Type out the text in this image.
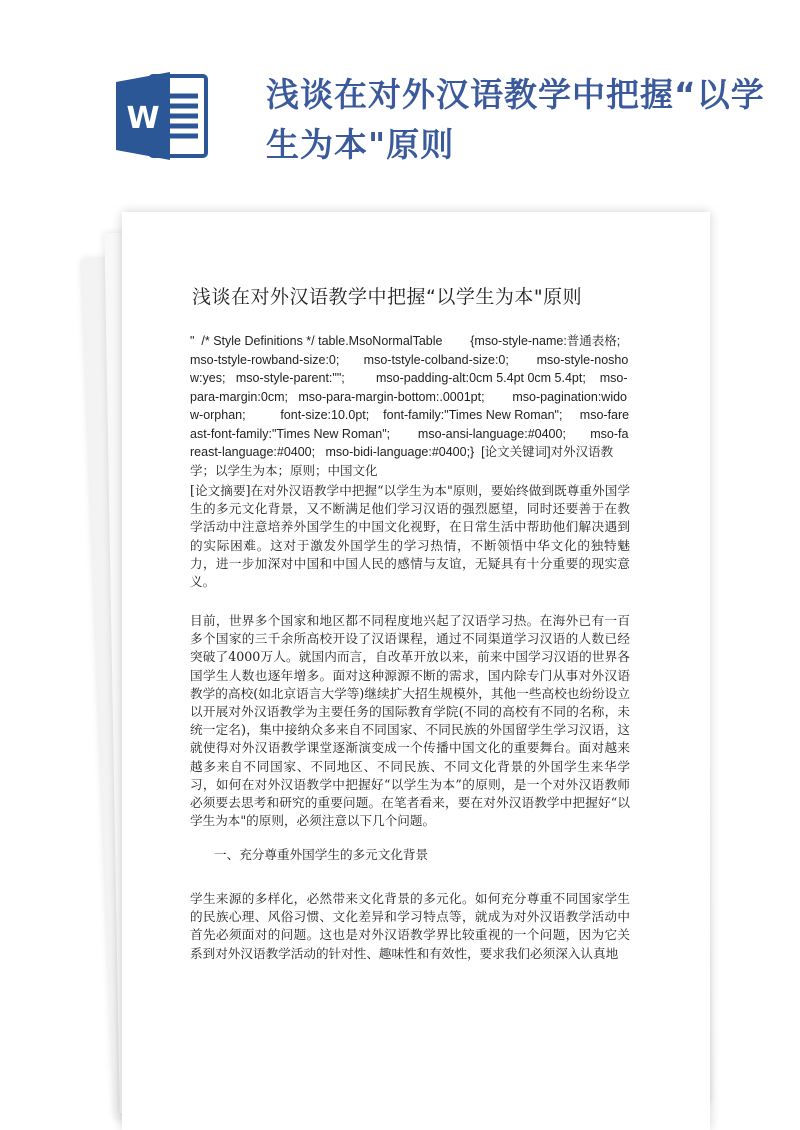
W
浅谈在对外汉语教学中把握“以学生为本"原则
浅谈在对外汉语教学中把握“以学生为本"原则
"  /* Style Definitions */ table.MsoNormalTable        {mso-style-name:普通表格;    mso-tstyle-rowband-size:0;       mso-tstyle-colband-size:0;        mso-style-noshow:yes;   mso-style-parent:"";         mso-padding-alt:0cm 5.4pt 0cm 5.4pt;    mso-para-margin:0cm;   mso-para-margin-bottom:.0001pt;        mso-pagination:widow-orphan;          font-size:10.0pt;    font-family:"Times New Roman";     mso-fareast-font-family:"Times New Roman";        mso-ansi-language:#0400;       mso-fareast-language:#0400;   mso-bidi-language:#0400;}  [论文关键词]对外汉语教学；以学生为本；原则；中国文化
[论文摘要]在对外汉语教学中把握“以学生为本"原则，要始终做到既尊重外国学生的多元文化背景，又不断满足他们学习汉语的强烈愿望，同时还要善于在教学活动中注意培养外国学生的中国文化视野，在日常生活中帮助他们解决遇到的实际困难。这对于激发外国学生的学习热情，不断领悟中华文化的独特魅力，进一步加深对中国和中国人民的感情与友谊，无疑具有十分重要的现实意义。
目前，世界多个国家和地区都不同程度地兴起了汉语学习热。在海外已有一百多个国家的三千余所高校开设了汉语课程，通过不同渠道学习汉语的人数已经突破了4000万人。就国内而言，自改革开放以来，前来中国学习汉语的世界各国学生人数也逐年增多。面对这种源源不断的需求，国内除专门从事对外汉语教学的高校(如北京语言大学等)继续扩大招生规模外，其他一些高校也纷纷设立以开展对外汉语教学为主要任务的国际教育学院(不同的高校有不同的名称，未统一定名)，集中接纳众多来自不同国家、不同民族的外国留学生学习汉语，这就使得对外汉语教学课堂逐渐演变成一个传播中国文化的重要舞台。面对越来越多来自不同国家、不同地区、不同民族、不同文化背景的外国学生来华学习，如何在对外汉语教学中把握好“以学生为本”的原则，是一个对外汉语教师必须要去思考和研究的重要问题。在笔者看来，要在对外汉语教学中把握好“以学生为本"的原则，必须注意以下几个问题。
一、充分尊重外国学生的多元文化背景
学生来源的多样化，必然带来文化背景的多元化。如何充分尊重不同国家学生的民族心理、风俗习惯、文化差异和学习特点等，就成为对外汉语教学活动中首先必须面对的问题。这也是对外汉语教学界比较重视的一个问题，因为它关系到对外汉语教学活动的针对性、趣味性和有效性，要求我们必须深入认真地
